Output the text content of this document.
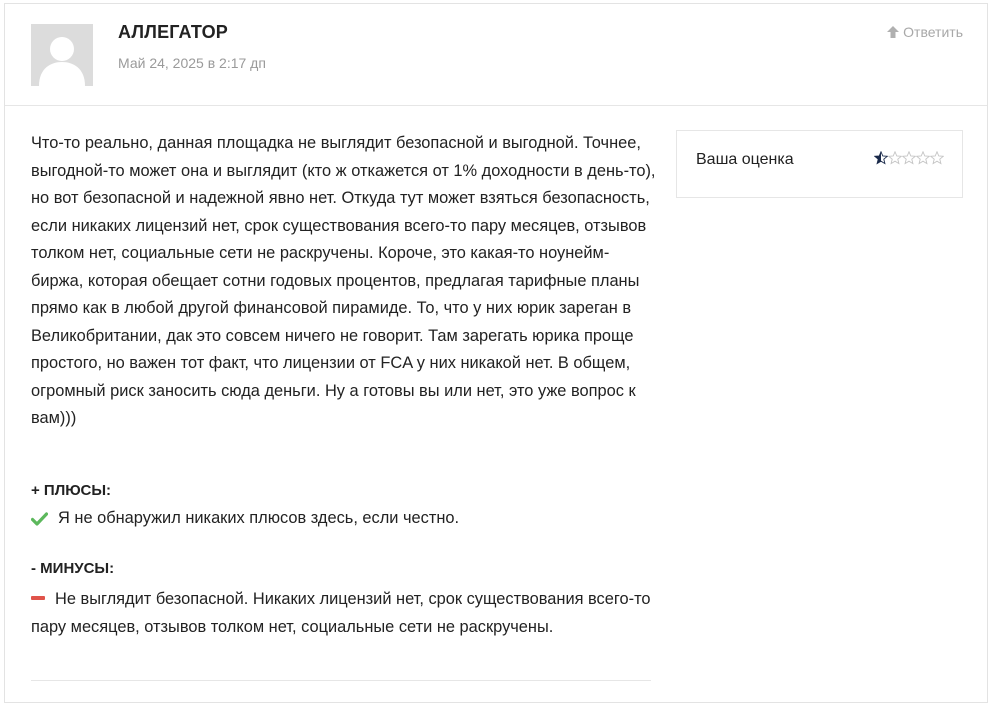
АЛЛЕГАТОР
Май 24, 2025 в 2:17 дп
Ответить
Что-то реально, данная площадка не выглядит безопасной и выгодной. Точнее, выгодной-то может она и выглядит (кто ж откажется от 1% доходности в день-то), но вот безопасной и надежной явно нет. Откуда тут может взяться безопасность, если никаких лицензий нет, срок существования всего-то пару месяцев, отзывов толком нет, социальные сети не раскручены. Короче, это какая-то ноунейм-биржа, которая обещает сотни годовых процентов, предлагая тарифные планы прямо как в любой другой финансовой пирамиде. То, что у них юрик зареган в Великобритании, дак это совсем ничего не говорит. Там зарегать юрика проще простого, но важен тот факт, что лицензии от FCA у них никакой нет. В общем, огромный риск заносить сюда деньги. Ну а готовы вы или нет, это уже вопрос к вам)))
Ваша оценка
+ ПЛЮСЫ:
Я не обнаружил никаких плюсов здесь, если честно.
- МИНУСЫ:
Не выглядит безопасной. Никаких лицензий нет, срок существования всего-то пару месяцев, отзывов толком нет, социальные сети не раскручены.
